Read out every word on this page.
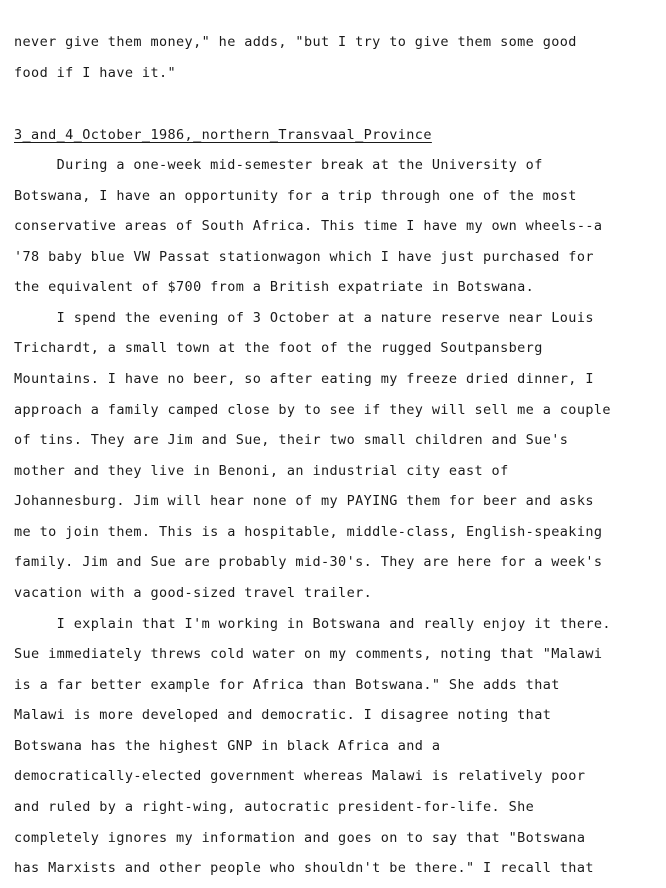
never give them money," he adds, "but I try to give them some good
food if I have it."
3_and_4_October_1986,_northern_Transvaal_Province
During a one-week mid-semester break at the University of
Botswana, I have an opportunity for a trip through one of the most
conservative areas of South Africa. This time I have my own wheels--a
'78 baby blue VW Passat stationwagon which I have just purchased for
the equivalent of $700 from a British expatriate in Botswana.
I spend the evening of 3 October at a nature reserve near Louis
Trichardt, a small town at the foot of the rugged Soutpansberg
Mountains. I have no beer, so after eating my freeze dried dinner, I
approach a family camped close by to see if they will sell me a couple
of tins. They are Jim and Sue, their two small children and Sue's
mother and they live in Benoni, an industrial city east of
Johannesburg. Jim will hear none of my PAYING them for beer and asks
me to join them. This is a hospitable, middle-class, English-speaking
family. Jim and Sue are probably mid-30's. They are here for a week's
vacation with a good-sized travel trailer.
I explain that I'm working in Botswana and really enjoy it there.
Sue immediately threws cold water on my comments, noting that "Malawi
is a far better example for Africa than Botswana." She adds that
Malawi is more developed and democratic. I disagree noting that
Botswana has the highest GNP in black Africa and a
democratically-elected government whereas Malawi is relatively poor
and ruled by a right-wing, autocratic president-for-life. She
completely ignores my information and goes on to say that "Botswana
has Marxists and other people who shouldn't be there." I recall that
